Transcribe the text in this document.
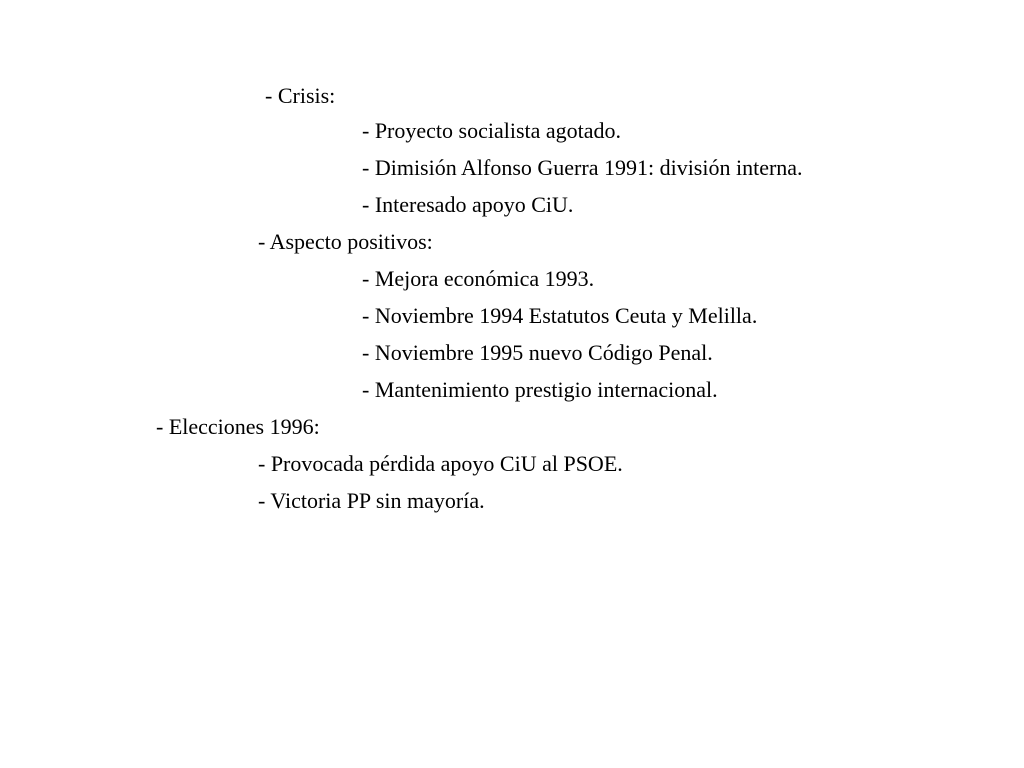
- Crisis:
- Proyecto socialista agotado.
- Dimisión Alfonso Guerra 1991: división interna.
- Interesado apoyo CiU.
- Aspecto positivos:
- Mejora económica 1993.
- Noviembre 1994 Estatutos Ceuta y Melilla.
- Noviembre 1995 nuevo Código Penal.
- Mantenimiento prestigio internacional.
- Elecciones 1996:
- Provocada pérdida apoyo CiU al PSOE.
- Victoria PP sin mayoría.
